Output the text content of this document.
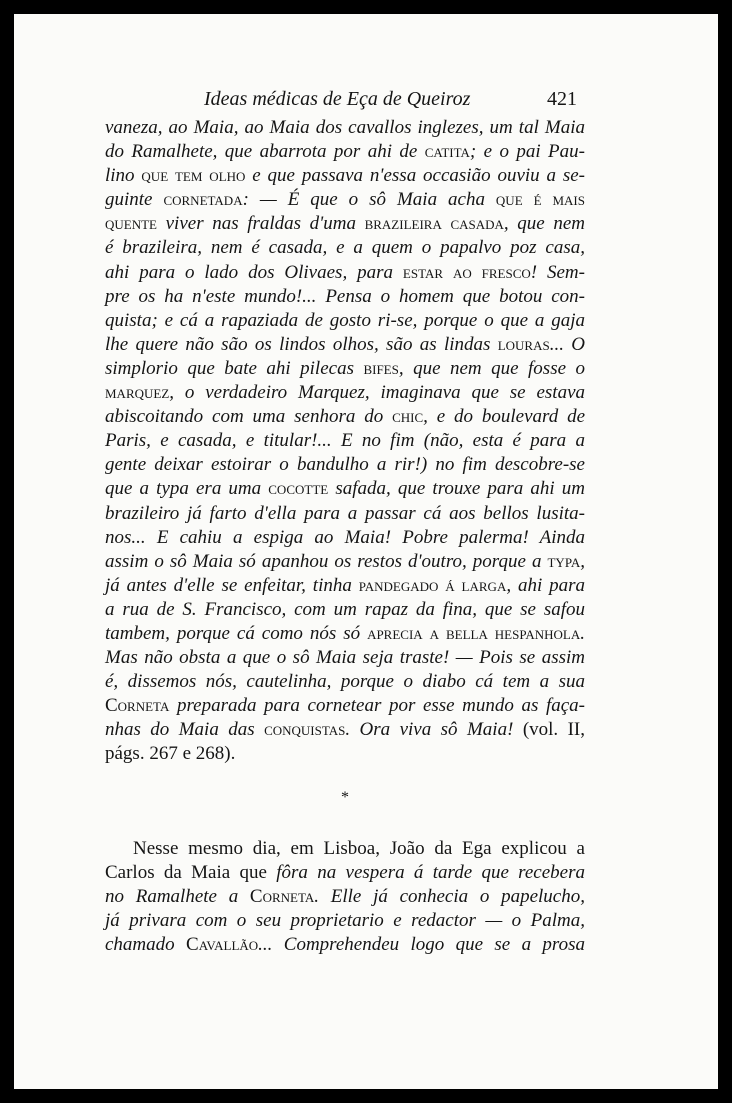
Ideas médicas de Eça de Queiroz	421
vaneza, ao Maia, ao Maia dos cavallos inglezes, um tal Maia
do Ramalhete, que abarrota por ahi de catita; e o pai Pau-
lino que tem olho e que passava n'essa occasião ouviu a se-
guinte cornetada: — É que o sô Maia acha que é mais
quente viver nas fraldas d'uma brazileira casada, que nem
é brazileira, nem é casada, e a quem o papalvo poz casa,
ahi para o lado dos Olivaes, para estar ao fresco! Sem-
pre os ha n'este mundo!... Pensa o homem que botou con-
quista; e cá a rapaziada de gosto ri-se, porque o que a gaja
lhe quere não são os lindos olhos, são as lindas louras... O
simplorio que bate ahi pilecas bifes, que nem que fosse o
marquez, o verdadeiro Marquez, imaginava que se estava
abiscoitando com uma senhora do chic, e do boulevard de
Paris, e casada, e titular!... E no fim (não, esta é para a
gente deixar estoirar o bandulho a rir!) no fim descobre-se
que a typa era uma cocotte safada, que trouxe para ahi um
brazileiro já farto d'ella para a passar cá aos bellos lusita-
nos... E cahiu a espiga ao Maia! Pobre palerma! Ainda
assim o sô Maia só apanhou os restos d'outro, porque a typa,
já antes d'elle se enfeitar, tinha pandegado á larga, ahi para
a rua de S. Francisco, com um rapaz da fina, que se safou
tambem, porque cá como nós só aprecia a bella hespanhola.
Mas não obsta a que o sô Maia seja traste! — Pois se assim
é, dissemos nós, cautelinha, porque o diabo cá tem a sua
Corneta preparada para cornetear por esse mundo as faça-
nhas do Maia das conquistas. Ora viva sô Maia! (vol. II,
págs. 267 e 268).
*
Nesse mesmo dia, em Lisboa, João da Ega explicou a
Carlos da Maia que fôra na vespera á tarde que recebera
no Ramalhete a Corneta. Elle já conhecia o papelucho,
já privara com o seu proprietario e redactor — o Palma,
chamado Cavallão... Comprehendeu logo que se a prosa
